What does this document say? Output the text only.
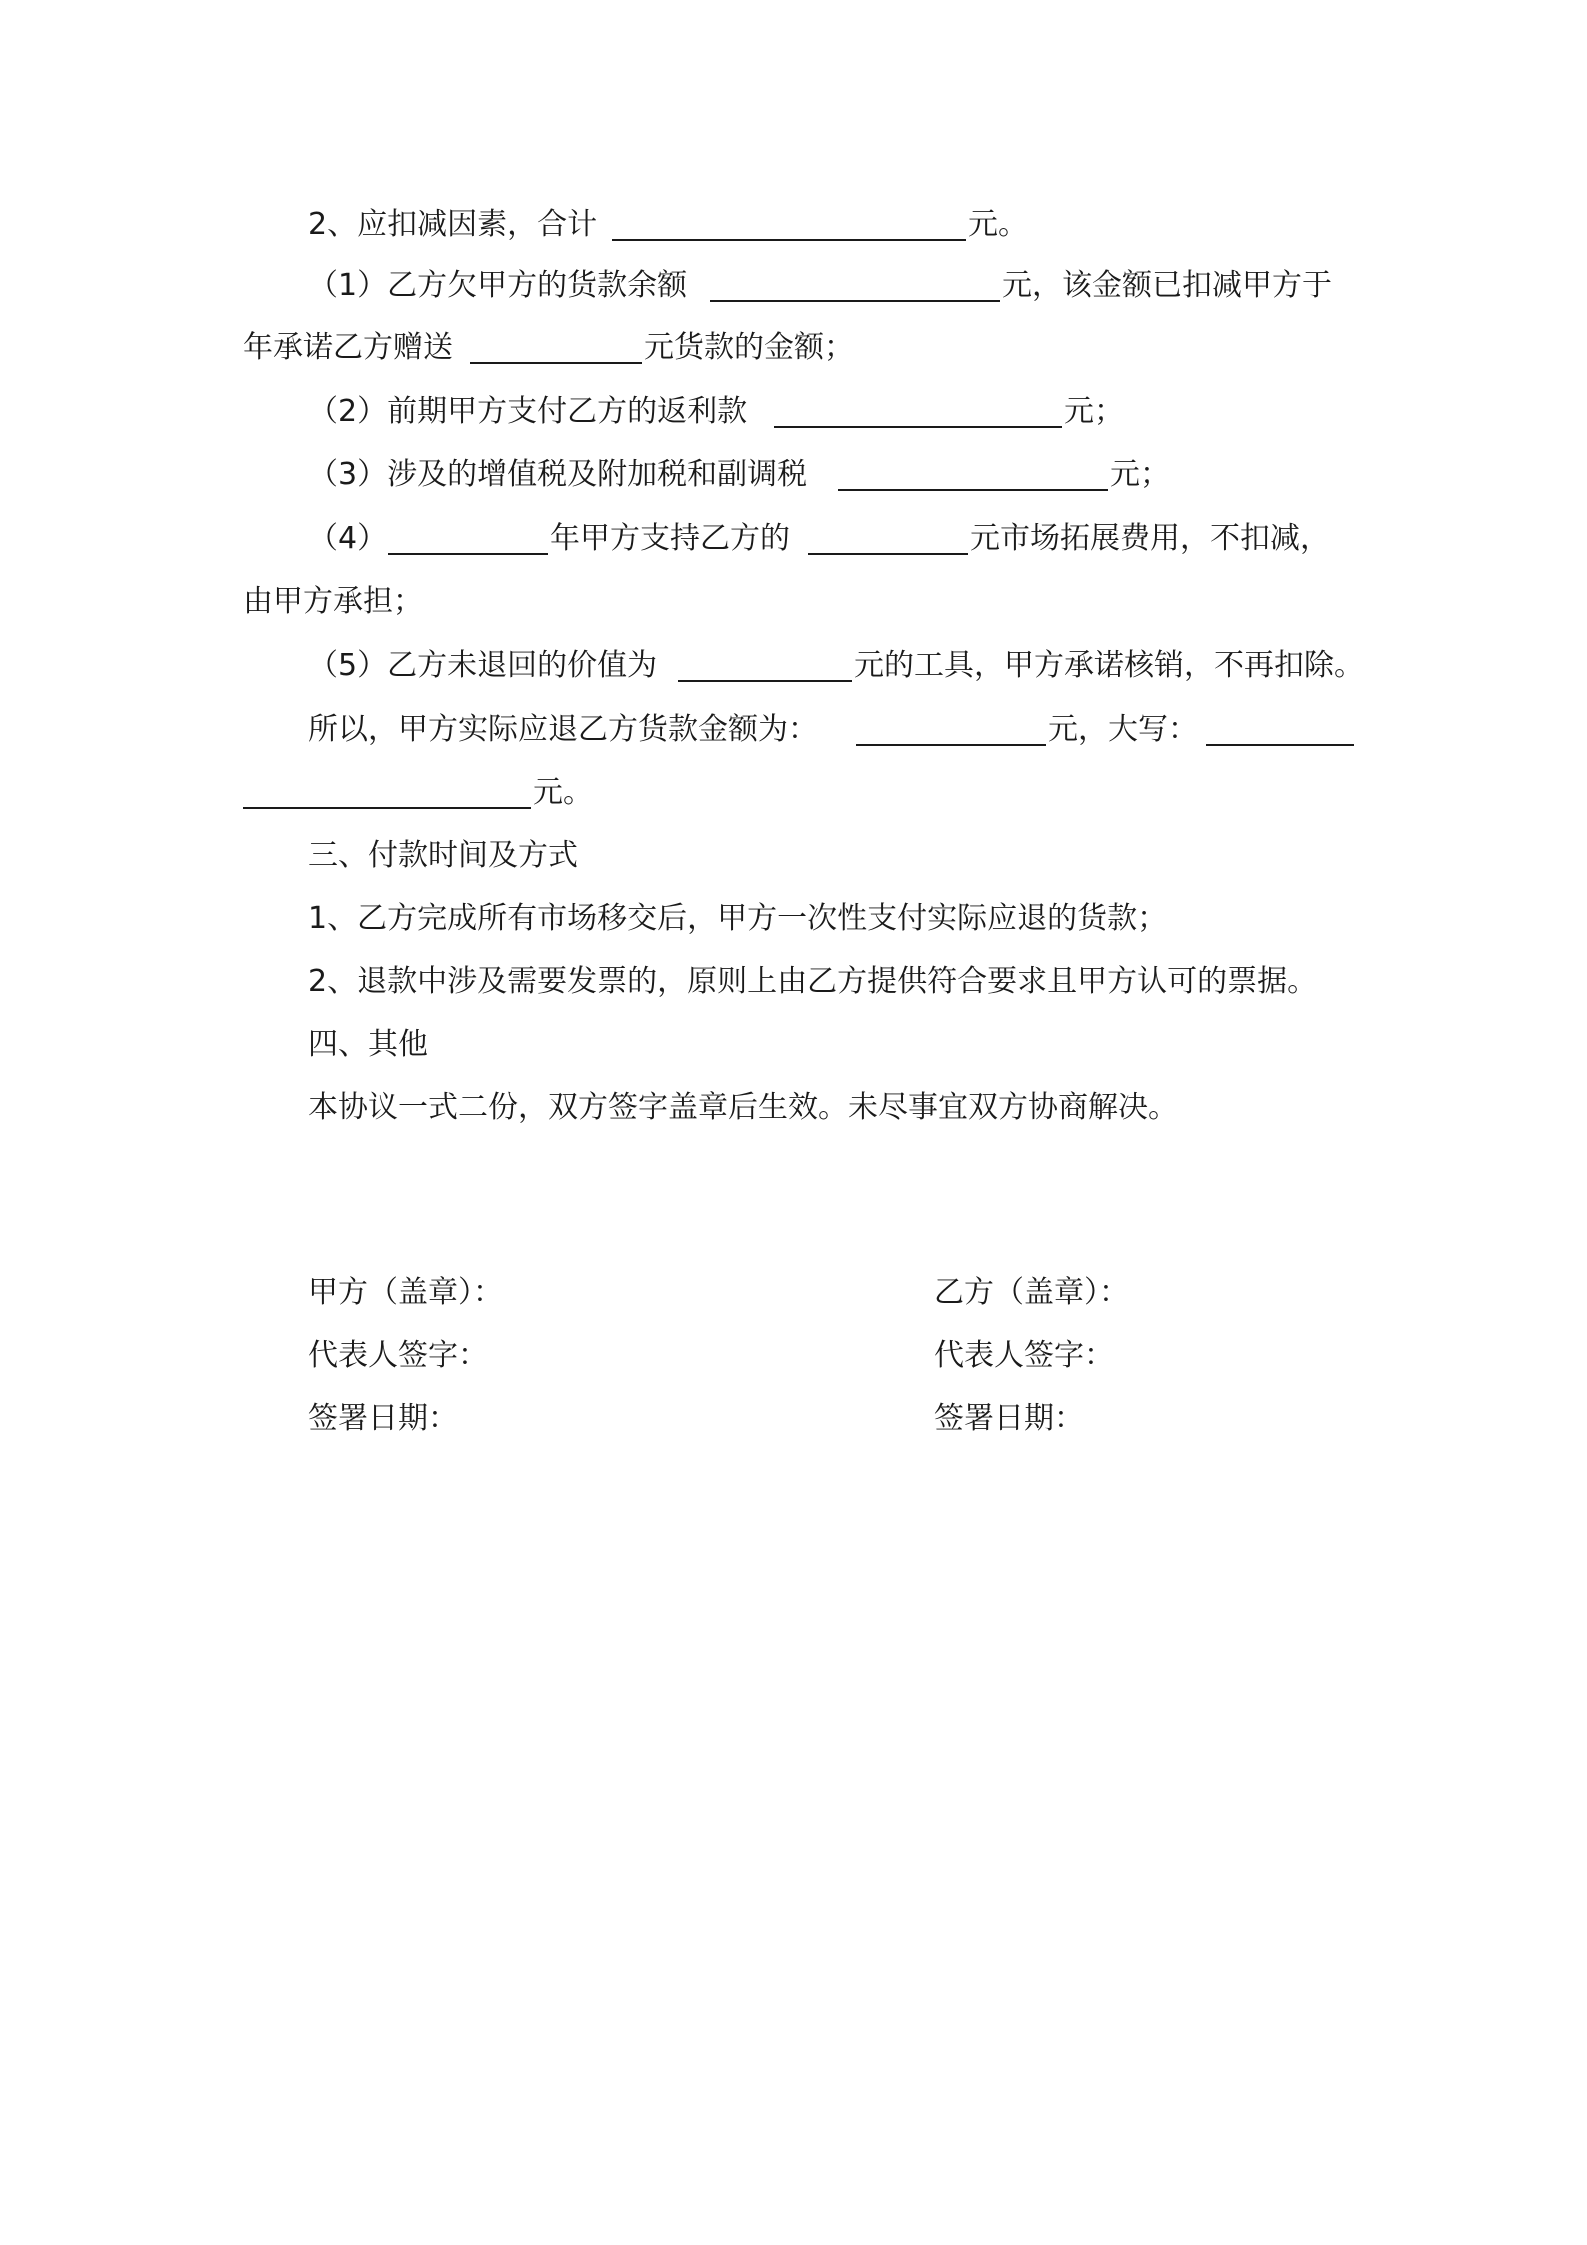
2、应扣减因素，合计	元。
（1）乙方欠甲方的货款余额	元，该金额已扣减甲方于
年承诺乙方赠送	元货款的金额；
（2）前期甲方支付乙方的返利款	元；
（3）涉及的增值税及附加税和副调税	元；
（4）	年甲方支持乙方的	元市场拓展费用，不扣减，
由甲方承担；
（5）乙方未退回的价值为	元的工具，甲方承诺核销，不再扣除。
所以，甲方实际应退乙方货款金额为：	元，大写：
元。
三、付款时间及方式
1、乙方完成所有市场移交后，甲方一次性支付实际应退的货款；
2、退款中涉及需要发票的，原则上由乙方提供符合要求且甲方认可的票据。
四、其他
本协议一式二份，双方签字盖章后生效。未尽事宜双方协商解决。
甲方（盖章）：	乙方（盖章）：
代表人签字：	代表人签字：
签署日期：	签署日期：
